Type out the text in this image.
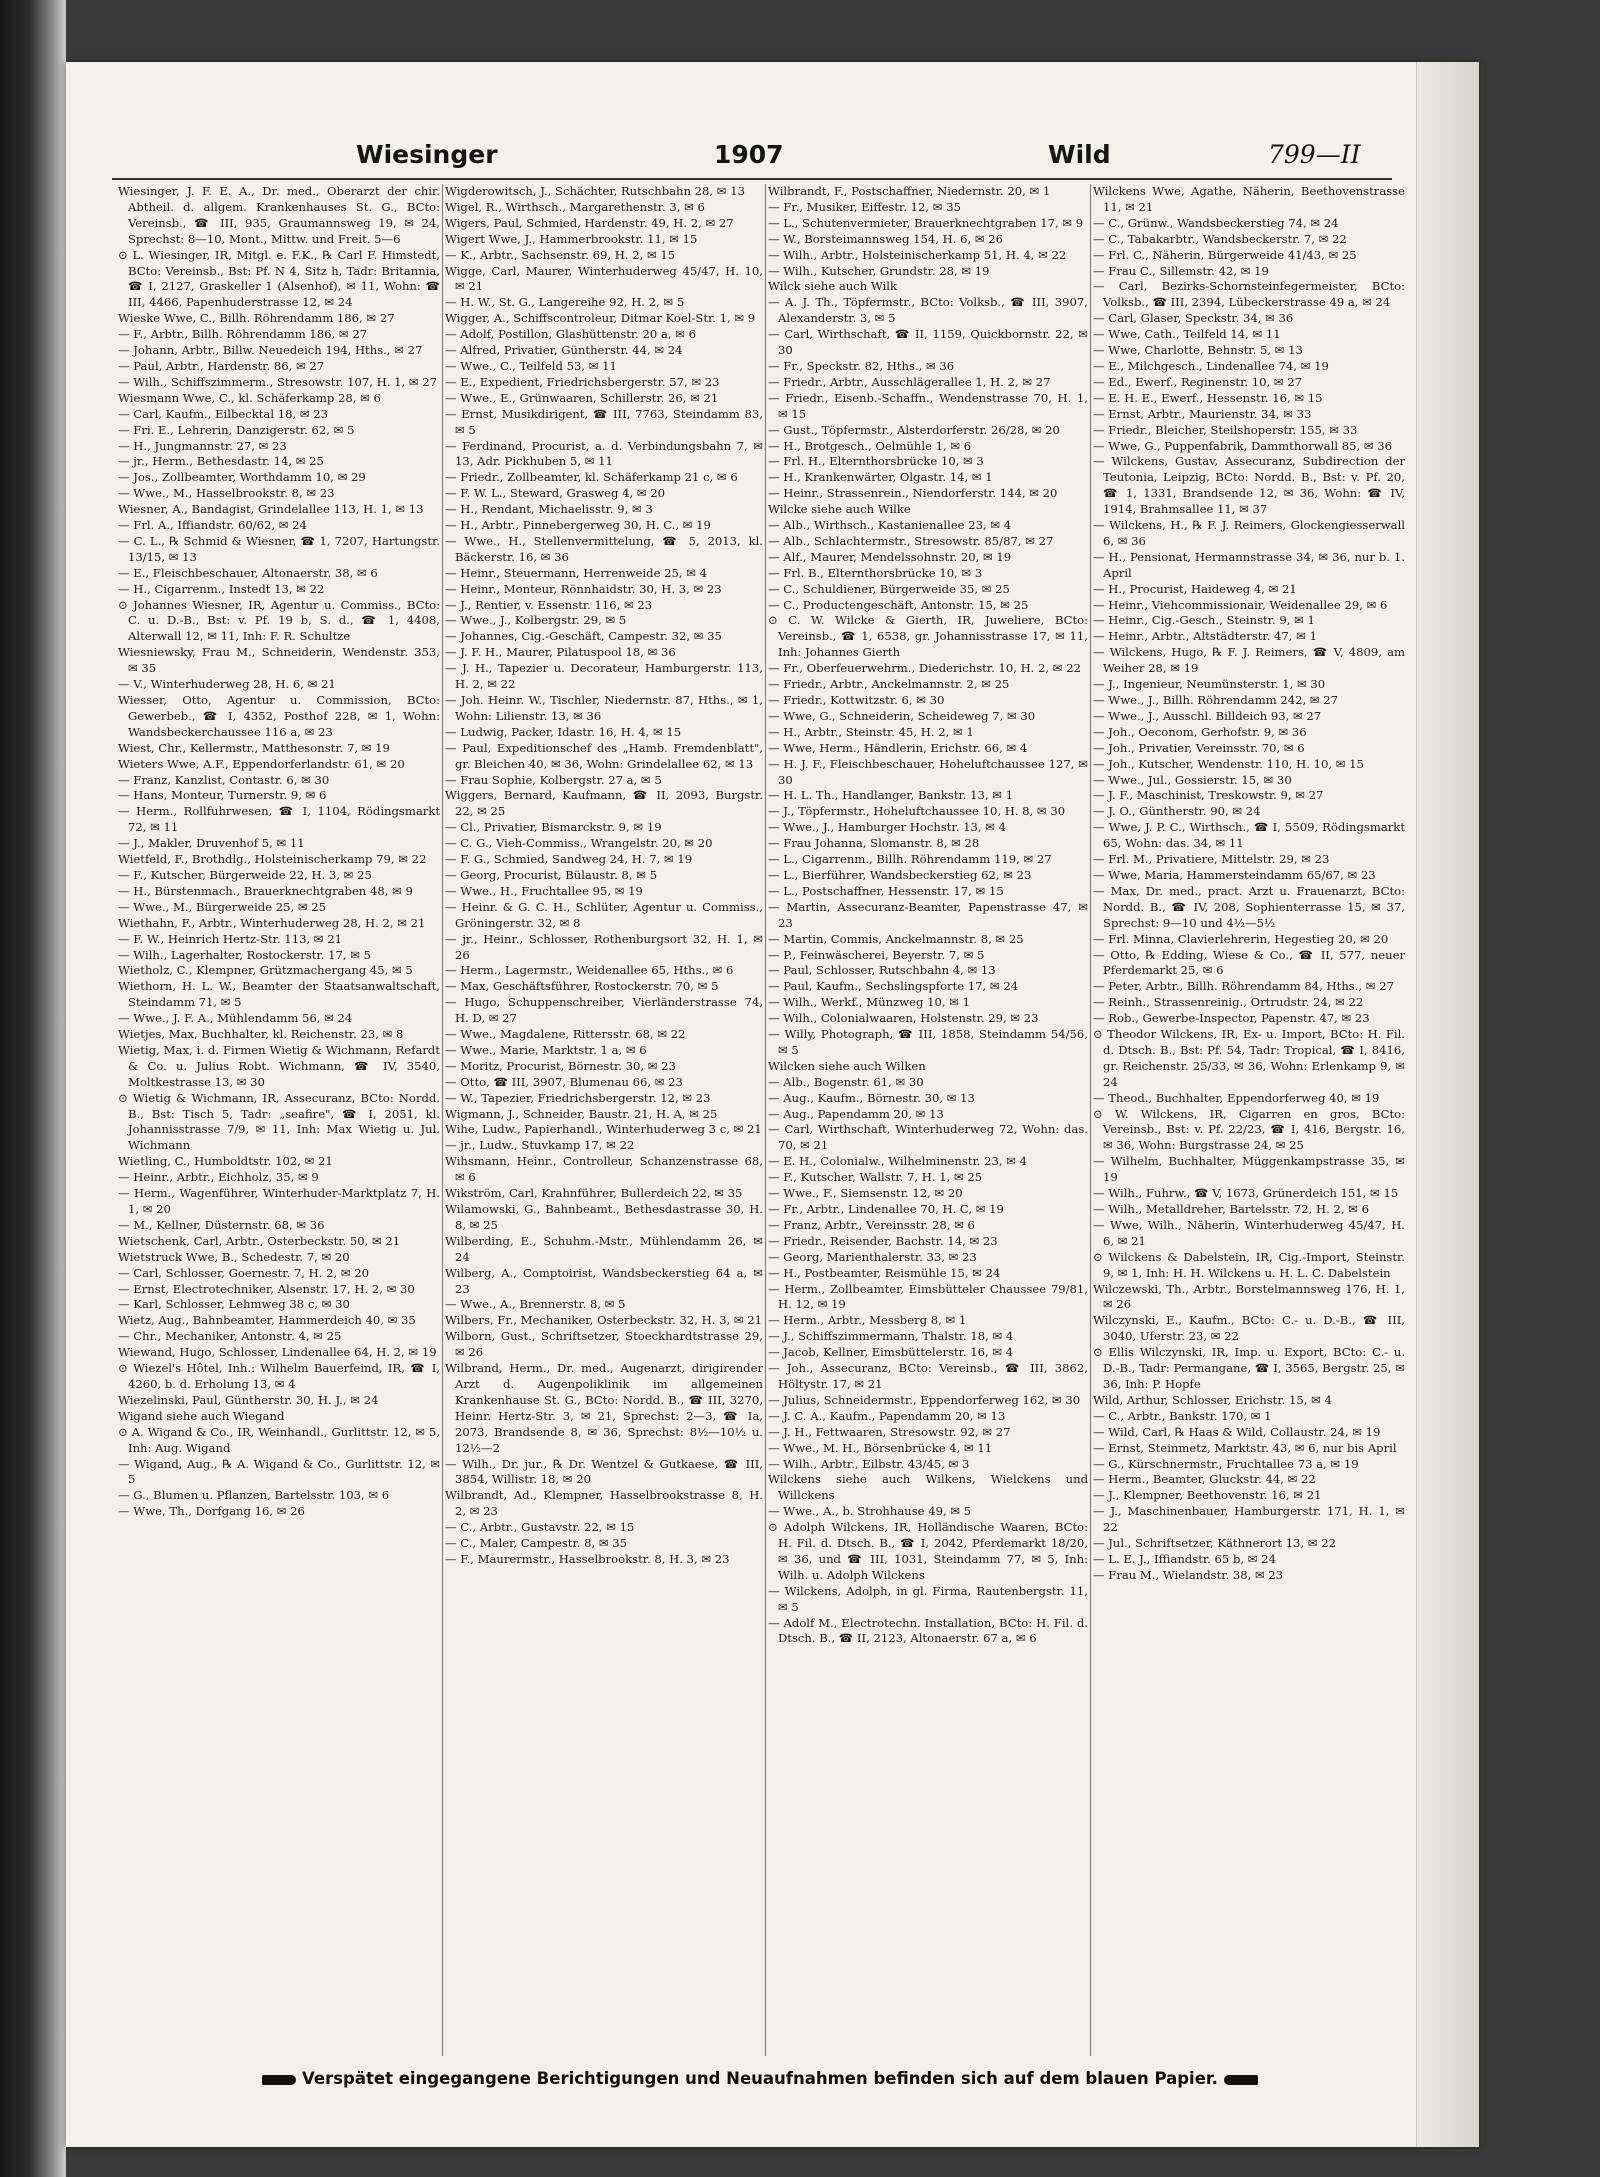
Wiesinger	1907	Wild	799—II

Wiesinger, J. F. E. A., Dr. med., Oberarzt der chir. Abtheil. d. allgem. Krankenhauses St. G., BCto: Vereinsb., ☎ III, 935, Graumannsweg 19, ✉ 24, Sprechst: 8—10, Mont., Mittw. und Freit. 5—6

⊙ L. Wiesinger, IR, Mitgl. e. F.K., ℞ Carl F. Himstedt, BCto: Vereinsb., Bst: Pf. N 4, Sitz h, Tadr: Britannia, ☎ I, 2127, Graskeller 1 (Alsenhof), ✉ 11, Wohn: ☎ III, 4466, Papenhuderstrasse 12, ✉ 24

Wieske Wwe, C., Billh. Röhrendamm 186, ✉ 27

— F., Arbtr., Billh. Röhrendamm 186, ✉ 27

— Johann, Arbtr., Billw. Neuedeich 194, Hths., ✉ 27

— Paul, Arbtr., Hardenstr. 86, ✉ 27

— Wilh., Schiffszimmerm., Stresowstr. 107, H. 1, ✉ 27

Wiesmann Wwe, C., kl. Schäferkamp 28, ✉ 6

— Carl, Kaufm., Eilbecktal 18, ✉ 23

— Fri. E., Lehrerin, Danzigerstr. 62, ✉ 5

— H., Jungmannstr. 27, ✉ 23

— jr., Herm., Bethesdastr. 14, ✉ 25

— Jos., Zollbeamter, Worthdamm 10, ✉ 29

— Wwe., M., Hasselbrookstr. 8, ✉ 23

Wiesner, A., Bandagist, Grindelallee 113, H. 1, ✉ 13

— Frl. A., Iffiandstr. 60/62, ✉ 24

— C. L., ℞ Schmid & Wiesner, ☎ 1, 7207, Hartungstr. 13/15, ✉ 13

— E., Fleischbeschauer, Altonaerstr. 38, ✉ 6

— H., Cigarrenm., Instedt 13, ✉ 22

⊙ Johannes Wiesner, IR, Agentur u. Commiss., BCto: C. u. D.-B., Bst: v. Pf. 19 b, S. d., ☎ 1, 4408, Alterwall 12, ✉ 11, Inh: F. R. Schultze

Wiesniewsky, Frau M., Schneiderin, Wendenstr. 353, ✉ 35

— V., Winterhuderweg 28, H. 6, ✉ 21

Wiesser, Otto, Agentur u. Commission, BCto: Gewerbeb., ☎ I, 4352, Posthof 228, ✉ 1, Wohn: Wandsbeckerchaussee 116 a, ✉ 23

Wiest, Chr., Kellermstr., Matthesonstr. 7, ✉ 19

Wieters Wwe, A.F., Eppendorferlandstr. 61, ✉ 20

— Franz, Kanzlist, Contastr. 6, ✉ 30

— Hans, Monteur, Turnerstr. 9, ✉ 6

— Herm., Rollfuhrwesen, ☎ I, 1104, Rödingsmarkt 72, ✉ 11

— J., Makler, Druvenhof 5, ✉ 11

Wietfeld, F., Brothdlg., Holsteinischerkamp 79, ✉ 22

— F., Kutscher, Bürgerweide 22, H. 3, ✉ 25

— H., Bürstenmach., Brauerknechtgraben 48, ✉ 9

— Wwe., M., Bürgerweide 25, ✉ 25

Wiethahn, F., Arbtr., Winterhuderweg 28, H. 2, ✉ 21

— F. W., Heinrich Hertz-Str. 113, ✉ 21

— Wilh., Lagerhalter, Rostockerstr. 17, ✉ 5

Wietholz, C., Klempner, Grützmachergang 45, ✉ 5

Wiethorn, H. L. W., Beamter der Staatsanwaltschaft, Steindamm 71, ✉ 5

— Wwe., J. F. A., Mühlendamm 56, ✉ 24

Wietjes, Max, Buchhalter, kl. Reichenstr. 23, ✉ 8

Wietig, Max, i. d. Firmen Wietig & Wichmann, Refardt & Co. u. Julius Robt. Wichmann, ☎ IV, 3540, Moltkestrasse 13, ✉ 30

⊙ Wietig & Wichmann, IR, Assecuranz, BCto: Nordd. B., Bst: Tisch 5, Tadr: „seafire", ☎ I, 2051, kl. Johannisstrasse 7/9, ✉ 11, Inh: Max Wietig u. Jul. Wichmann

Wietling, C., Humboldtstr. 102, ✉ 21

— Heinr., Arbtr., Eichholz, 35, ✉ 9

— Herm., Wagenführer, Winterhuder-Marktplatz 7, H. 1, ✉ 20

— M., Kellner, Düsternstr. 68, ✉ 36

Wietschenk, Carl, Arbtr., Osterbeckstr. 50, ✉ 21

Wietstruck Wwe, B., Schedestr. 7, ✉ 20

— Carl, Schlosser, Goernestr. 7, H. 2, ✉ 20

— Ernst, Electrotechniker, Alsenstr. 17, H. 2, ✉ 30

— Karl, Schlosser, Lehmweg 38 c, ✉ 30

Wietz, Aug., Bahnbeamter, Hammerdeich 40, ✉ 35

— Chr., Mechaniker, Antonstr. 4, ✉ 25

Wiewand, Hugo, Schlosser, Lindenallee 64, H. 2, ✉ 19

⊙ Wiezel's Hôtel, Inh.: Wilhelm Bauerfeind, IR, ☎ I, 4260, b. d. Erholung 13, ✉ 4

Wiezelinski, Paul, Güntherstr. 30, H. J., ✉ 24

Wigand siehe auch Wiegand

⊙ A. Wigand & Co., IR, Weinhandl., Gurlittstr. 12, ✉ 5, Inh: Aug. Wigand

— Wigand, Aug., ℞ A. Wigand & Co., Gurlittstr. 12, ✉ 5

— G., Blumen u. Pflanzen, Bartelsstr. 103, ✉ 6

— Wwe, Th., Dorfgang 16, ✉ 26

Wigderowitsch, J., Schächter, Rutschbahn 28, ✉ 13

Wigel, R., Wirthsch., Margarethenstr. 3, ✉ 6

Wigers, Paul, Schmied, Hardenstr. 49, H. 2, ✉ 27

Wigert Wwe, J., Hammerbrookstr. 11, ✉ 15

— K., Arbtr., Sachsenstr. 69, H. 2, ✉ 15

Wigge, Carl, Maurer, Winterhuderweg 45/47, H. 10, ✉ 21

— H. W., St. G., Langereihe 92, H. 2, ✉ 5

Wigger, A., Schiffscontroleur, Ditmar Koel-Str. 1, ✉ 9

— Adolf, Postillon, Glashüttenstr. 20 a, ✉ 6

— Alfred, Privatier, Güntherstr. 44, ✉ 24

— Wwe., C., Teilfeld 53, ✉ 11

— E., Expedient, Friedrichsbergerstr. 57, ✉ 23

— Wwe., E., Grünwaaren, Schillerstr. 26, ✉ 21

— Ernst, Musikdirigent, ☎ III, 7763, Steindamm 83, ✉ 5

— Ferdinand, Procurist, a. d. Verbindungsbahn 7, ✉ 13, Adr. Pickhuben 5, ✉ 11

— Friedr., Zollbeamter, kl. Schäferkamp 21 c, ✉ 6

— F. W. L., Steward, Grasweg 4, ✉ 20

— H., Rendant, Michaelisstr. 9, ✉ 3

— H., Arbtr., Pinnebergerweg 30, H. C., ✉ 19

— Wwe., H., Stellenvermittelung, ☎ 5, 2013, kl. Bäckerstr. 16, ✉ 36

— Heinr., Steuermann, Herrenweide 25, ✉ 4

— Heinr., Monteur, Rönnhaidstr. 30, H. 3, ✉ 23

— J., Rentier, v. Essenstr. 116, ✉ 23

— Wwe., J., Kolbergstr. 29, ✉ 5

— Johannes, Cig.-Geschäft, Campestr. 32, ✉ 35

— J. F. H., Maurer, Pilatuspool 18, ✉ 36

— J. H., Tapezier u. Decorateur, Hamburgerstr. 113, H. 2, ✉ 22

— Joh. Heinr. W., Tischler, Niedernstr. 87, Hths., ✉ 1, Wohn: Lilienstr. 13, ✉ 36

— Ludwig, Packer, Idastr. 16, H. 4, ✉ 15

— Paul, Expeditionschef des „Hamb. Fremdenblatt", gr. Bleichen 40, ✉ 36, Wohn: Grindelallee 62, ✉ 13

— Frau Sophie, Kolbergstr. 27 a, ✉ 5

Wiggers, Bernard, Kaufmann, ☎ II, 2093, Burgstr. 22, ✉ 25

— Cl., Privatier, Bismarckstr. 9, ✉ 19

— C. G., Vieh-Commiss., Wrangelstr. 20, ✉ 20

— F. G., Schmied, Sandweg 24, H. 7, ✉ 19

— Georg, Procurist, Bülaustr. 8, ✉ 5

— Wwe., H., Fruchtallee 95, ✉ 19

— Heinr. & G. C. H., Schlüter, Agentur u. Commiss., Gröningerstr. 32, ✉ 8

— jr., Heinr., Schlosser, Rothenburgsort 32, H. 1, ✉ 26

— Herm., Lagermstr., Weidenallee 65, Hths., ✉ 6

— Max, Geschäftsführer, Rostockerstr. 70, ✉ 5

— Hugo, Schuppenschreiber, Vierländerstrasse 74, H. D, ✉ 27

— Wwe., Magdalene, Rittersstr. 68, ✉ 22

— Wwe., Marie, Marktstr. 1 a, ✉ 6

— Moritz, Procurist, Börnestr. 30, ✉ 23

— Otto, ☎ III, 3907, Blumenau 66, ✉ 23

— W., Tapezier, Friedrichsbergerstr. 12, ✉ 23

Wigmann, J., Schneider, Baustr. 21, H. A, ✉ 25

Wihe, Ludw., Papierhandl., Winterhuderweg 3 c, ✉ 21

— jr., Ludw., Stuvkamp 17, ✉ 22

Wihsmann, Heinr., Controlleur, Schanzenstrasse 68, ✉ 6

Wikström, Carl, Krahnführer, Bullerdeich 22, ✉ 35

Wilamowski, G., Bahnbeamt., Bethesdastrasse 30, H. 8, ✉ 25

Wilberding, E., Schuhm.-Mstr., Mühlendamm 26, ✉ 24

Wilberg, A., Comptoirist, Wandsbeckerstieg 64 a, ✉ 23

— Wwe., A., Brennerstr. 8, ✉ 5

Wilbers, Fr., Mechaniker, Osterbeckstr. 32, H. 3, ✉ 21

Wilborn, Gust., Schriftsetzer, Stoeckhardtstrasse 29, ✉ 26

Wilbrand, Herm., Dr. med., Augenarzt, dirigirender Arzt d. Augenpoliklinik im allgemeinen Krankenhause St. G., BCto: Nordd. B., ☎ III, 3270, Heinr. Hertz-Str. 3, ✉ 21, Sprechst: 2—3, ☎ Ia, 2073, Brandsende 8, ✉ 36, Sprechst: 8½—10½ u. 12½—2

— Wilh., Dr. jur., ℞ Dr. Wentzel & Gutkaese, ☎ III, 3854, Willistr. 18, ✉ 20

Wilbrandt, Ad., Klempner, Hasselbrookstrasse 8, H. 2, ✉ 23

— C., Arbtr., Gustavstr. 22, ✉ 15

— C., Maler, Campestr. 8, ✉ 35

— F., Maurermstr., Hasselbrookstr. 8, H. 3, ✉ 23

Wilbrandt, F., Postschaffner, Niedernstr. 20, ✉ 1

— Fr., Musiker, Eiffestr. 12, ✉ 35

— L., Schutenvermieter, Brauerknechtgraben 17, ✉ 9

— W., Borsteimannsweg 154, H. 6, ✉ 26

— Wilh., Arbtr., Holsteinischerkamp 51, H. 4, ✉ 22

— Wilh., Kutscher, Grundstr. 28, ✉ 19

Wilck siehe auch Wilk

— A. J. Th., Töpfermstr., BCto: Volksb., ☎ III, 3907, Alexanderstr. 3, ✉ 5

— Carl, Wirthschaft, ☎ II, 1159, Quickbornstr. 22, ✉ 30

— Fr., Speckstr. 82, Hths., ✉ 36

— Friedr., Arbtr., Ausschlägerallee 1, H. 2, ✉ 27

— Friedr., Eisenb.-Schaffn., Wendenstrasse 70, H. 1, ✉ 15

— Gust., Töpfermstr., Alsterdorferstr. 26/28, ✉ 20

— H., Brotgesch., Oelmühle 1, ✉ 6

— Frl. H., Elternthorsbrücke 10, ✉ 3

— H., Krankenwärter, Olgastr. 14, ✉ 1

— Heinr., Strassenrein., Niendorferstr. 144, ✉ 20

Wilcke siehe auch Wilke

— Alb., Wirthsch., Kastanienallee 23, ✉ 4

— Alb., Schlachtermstr., Stresowstr. 85/87, ✉ 27

— Alf., Maurer, Mendelssohnstr. 20, ✉ 19

— Frl. B., Elternthorsbrücke 10, ✉ 3

— C., Schuldiener, Bürgerweide 35, ✉ 25

— C., Productengeschäft, Antonstr. 15, ✉ 25

⊙ C. W. Wilcke & Gierth, IR, Juweliere, BCto: Vereinsb., ☎ 1, 6538, gr. Johannisstrasse 17, ✉ 11, Inh: Johannes Gierth

— Fr., Oberfeuerwehrm., Diederichstr. 10, H. 2, ✉ 22

— Friedr., Arbtr., Anckelmannstr. 2, ✉ 25

— Friedr., Kottwitzstr. 6, ✉ 30

— Wwe, G., Schneiderin, Scheideweg 7, ✉ 30

— H., Arbtr., Steinstr. 45, H. 2, ✉ 1

— Wwe, Herm., Händlerin, Erichstr. 66, ✉ 4

— H. J. F., Fleischbeschauer, Hoheluftchaussee 127, ✉ 30

— H. L. Th., Handlanger, Bankstr. 13, ✉ 1

— J., Töpfermstr., Hoheluftchaussee 10, H. 8, ✉ 30

— Wwe., J., Hamburger Hochstr. 13, ✉ 4

— Frau Johanna, Slomanstr. 8, ✉ 28

— L., Cigarrenm., Billh. Röhrendamm 119, ✉ 27

— L., Bierführer, Wandsbeckerstieg 62, ✉ 23

— L., Postschaffner, Hessenstr. 17, ✉ 15

— Martin, Assecuranz-Beamter, Papenstrasse 47, ✉ 23

— Martin, Commis, Anckelmannstr. 8, ✉ 25

— P., Feinwäscherei, Beyerstr. 7, ✉ 5

— Paul, Schlosser, Rutschbahn 4, ✉ 13

— Paul, Kaufm., Sechslingspforte 17, ✉ 24

— Wilh., Werkf., Münzweg 10, ✉ 1

— Wilh., Colonialwaaren, Holstenstr. 29, ✉ 23

— Willy, Photograph, ☎ III, 1858, Steindamm 54/56, ✉ 5

Wilcken siehe auch Wilken

— Alb., Bogenstr. 61, ✉ 30

— Aug., Kaufm., Börnestr. 30, ✉ 13

— Aug., Papendamm 20, ✉ 13

— Carl, Wirthschaft, Winterhuderweg 72, Wohn: das. 70, ✉ 21

— E. H., Colonialw., Wilhelminenstr. 23, ✉ 4

— F., Kutscher, Wallstr. 7, H. 1, ✉ 25

— Wwe., F., Siemsenstr. 12, ✉ 20

— Fr., Arbtr., Lindenallee 70, H. C, ✉ 19

— Franz, Arbtr., Vereinsstr. 28, ✉ 6

— Friedr., Reisender, Bachstr. 14, ✉ 23

— Georg, Marienthalerstr. 33, ✉ 23

— H., Postbeamter, Reismühle 15, ✉ 24

— Herm., Zollbeamter, Eimsbütteler Chaussee 79/81, H. 12, ✉ 19

— Herm., Arbtr., Messberg 8, ✉ 1

— J., Schiffszimmermann, Thalstr. 18, ✉ 4

— Jacob, Kellner, Eimsbüttelerstr. 16, ✉ 4

— Joh., Assecuranz, BCto: Vereinsb., ☎ III, 3862, Höltystr. 17, ✉ 21

— Julius, Schneidermstr., Eppendorferweg 162, ✉ 30

— J. C. A., Kaufm., Papendamm 20, ✉ 13

— J. H., Fettwaaren, Stresowstr. 92, ✉ 27

— Wwe., M. H., Börsenbrücke 4, ✉ 11

— Wilh., Arbtr., Eilbstr. 43/45, ✉ 3

Wilckens siehe auch Wilkens, Wielckens und Willckens

— Wwe., A., b. Strohhause 49, ✉ 5

⊙ Adolph Wilckens, IR, Holländische Waaren, BCto: H. Fil. d. Dtsch. B., ☎ I, 2042, Pferdemarkt 18/20, ✉ 36, und ☎ III, 1031, Steindamm 77, ✉ 5, Inh: Wilh. u. Adolph Wilckens

— Wilckens, Adolph, in gl. Firma, Rautenbergstr. 11, ✉ 5

— Adolf M., Electrotechn. Installation, BCto: H. Fil. d. Dtsch. B., ☎ II, 2123, Altonaerstr. 67 a, ✉ 6

Wilckens Wwe, Agathe, Näherin, Beethovenstrasse 11, ✉ 21

— C., Grünw., Wandsbeckerstieg 74, ✉ 24

— C., Tabakarbtr., Wandsbeckerstr. 7, ✉ 22

— Frl. C., Näherin, Bürgerweide 41/43, ✉ 25

— Frau C., Sillemstr. 42, ✉ 19

— Carl, Bezirks-Schornsteinfegermeister, BCto: Volksb., ☎ III, 2394, Lübeckerstrasse 49 a, ✉ 24

— Carl, Glaser, Speckstr. 34, ✉ 36

— Wwe, Cath., Teilfeld 14, ✉ 11

— Wwe, Charlotte, Behnstr. 5, ✉ 13

— E., Milchgesch., Lindenallee 74, ✉ 19

— Ed., Ewerf., Reginenstr. 10, ✉ 27

— E. H. E., Ewerf., Hessenstr. 16, ✉ 15

— Ernst, Arbtr., Maurienstr. 34, ✉ 33

— Friedr., Bleicher, Steilshoperstr. 155, ✉ 33

— Wwe, G., Puppenfabrik, Dammthorwall 85, ✉ 36

— Wilckens, Gustav, Assecuranz, Subdirection der Teutonia, Leipzig, BCto: Nordd. B., Bst: v. Pf. 20, ☎ 1, 1331, Brandsende 12, ✉ 36, Wohn: ☎ IV, 1914, Brahmsallee 11, ✉ 37

— Wilckens, H., ℞ F. J. Reimers, Glockengiesserwall 6, ✉ 36

— H., Pensionat, Hermannstrasse 34, ✉ 36, nur b. 1. April

— H., Procurist, Haideweg 4, ✉ 21

— Heinr., Viehcommissionair, Weidenallee 29, ✉ 6

— Heinr., Cig.-Gesch., Steinstr. 9, ✉ 1

— Heinr., Arbtr., Altstädterstr. 47, ✉ 1

— Wilckens, Hugo, ℞ F. J. Reimers, ☎ V, 4809, am Weiher 28, ✉ 19

— J., Ingenieur, Neumünsterstr. 1, ✉ 30

— Wwe., J., Billh. Röhrendamm 242, ✉ 27

— Wwe., J., Ausschl. Billdeich 93, ✉ 27

— Joh., Oeconom, Gerhofstr. 9, ✉ 36

— Joh., Privatier, Vereinsstr. 70, ✉ 6

— Joh., Kutscher, Wendenstr. 110, H. 10, ✉ 15

— Wwe., Jul., Gossierstr. 15, ✉ 30

— J. F., Maschinist, Treskowstr. 9, ✉ 27

— J. O., Güntherstr. 90, ✉ 24

— Wwe, J. P. C., Wirthsch., ☎ I, 5509, Rödingsmarkt 65, Wohn: das. 34, ✉ 11

— Frl. M., Privatiere, Mittelstr. 29, ✉ 23

— Wwe, Maria, Hammersteindamm 65/67, ✉ 23

— Max, Dr. med., pract. Arzt u. Frauenarzt, BCto: Nordd. B., ☎ IV, 208, Sophienterrasse 15, ✉ 37, Sprechst: 9—10 und 4½—5½

— Frl. Minna, Clavierlehrerin, Hegestieg 20, ✉ 20

— Otto, ℞ Edding, Wiese & Co., ☎ II, 577, neuer Pferdemarkt 25, ✉ 6

— Peter, Arbtr., Billh. Röhrendamm 84, Hths., ✉ 27

— Reinh., Strassenreinig., Ortrudstr. 24, ✉ 22

— Rob., Gewerbe-Inspector, Papenstr. 47, ✉ 23

⊙ Theodor Wilckens, IR, Ex- u. Import, BCto: H. Fil. d. Dtsch. B., Bst: Pf. 54, Tadr: Tropical, ☎ I, 8416, gr. Reichenstr. 25/33, ✉ 36, Wohn: Erlenkamp 9, ✉ 24

— Theod., Buchhalter, Eppendorferweg 40, ✉ 19

⊙ W. Wilckens, IR, Cigarren en gros, BCto: Vereinsb., Bst: v. Pf. 22/23, ☎ I, 416, Bergstr. 16, ✉ 36, Wohn: Burgstrasse 24, ✉ 25

— Wilhelm, Buchhalter, Müggenkampstrasse 35, ✉ 19

— Wilh., Fuhrw., ☎ V, 1673, Grünerdeich 151, ✉ 15

— Wilh., Metalldreher, Bartelsstr. 72, H. 2, ✉ 6

— Wwe, Wilh., Näherin, Winterhuderweg 45/47, H. 6, ✉ 21

⊙ Wilckens & Dabelstein, IR, Cig.-Import, Steinstr. 9, ✉ 1, Inh: H. H. Wilckens u. H. L. C. Dabelstein

Wilczewski, Th., Arbtr., Borstelmannsweg 176, H. 1, ✉ 26

Wilczynski, E., Kaufm., BCto: C.- u. D.-B., ☎ III, 3040, Uferstr. 23, ✉ 22

⊙ Ellis Wilczynski, IR, Imp. u. Export, BCto: C.- u. D.-B., Tadr: Permangane, ☎ I, 3565, Bergstr. 25, ✉ 36, Inh: P. Hopfe

Wild, Arthur, Schlosser, Erichstr. 15, ✉ 4

— C., Arbtr., Bankstr. 170, ✉ 1

— Wild, Carl, ℞ Haas & Wild, Collaustr. 24, ✉ 19

— Ernst, Steinmetz, Marktstr. 43, ✉ 6, nur bis April

— G., Kürschnermstr., Fruchtallee 73 a, ✉ 19

— Herm., Beamter, Gluckstr. 44, ✉ 22

— J., Klempner, Beethovenstr. 16, ✉ 21

— J., Maschinenbauer, Hamburgerstr. 171, H. 1, ✉ 22

— Jul., Schriftsetzer, Käthnerort 13, ✉ 22

— L. E. J., Iffiandstr. 65 b, ✉ 24

— Frau M., Wielandstr. 38, ✉ 23

Verspätet eingegangene Berichtigungen und Neuaufnahmen befinden sich auf dem blauen Papier.
